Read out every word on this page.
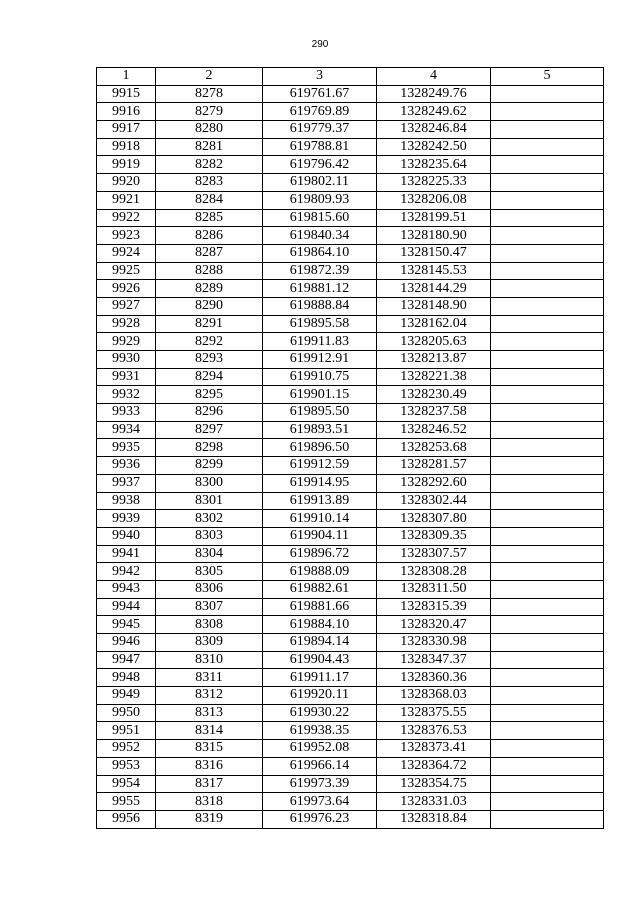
290
1	2	3	4	5
9915	8278	619761.67	1328249.76	
9916	8279	619769.89	1328249.62	
9917	8280	619779.37	1328246.84	
9918	8281	619788.81	1328242.50	
9919	8282	619796.42	1328235.64	
9920	8283	619802.11	1328225.33	
9921	8284	619809.93	1328206.08	
9922	8285	619815.60	1328199.51	
9923	8286	619840.34	1328180.90	
9924	8287	619864.10	1328150.47	
9925	8288	619872.39	1328145.53	
9926	8289	619881.12	1328144.29	
9927	8290	619888.84	1328148.90	
9928	8291	619895.58	1328162.04	
9929	8292	619911.83	1328205.63	
9930	8293	619912.91	1328213.87	
9931	8294	619910.75	1328221.38	
9932	8295	619901.15	1328230.49	
9933	8296	619895.50	1328237.58	
9934	8297	619893.51	1328246.52	
9935	8298	619896.50	1328253.68	
9936	8299	619912.59	1328281.57	
9937	8300	619914.95	1328292.60	
9938	8301	619913.89	1328302.44	
9939	8302	619910.14	1328307.80	
9940	8303	619904.11	1328309.35	
9941	8304	619896.72	1328307.57	
9942	8305	619888.09	1328308.28	
9943	8306	619882.61	1328311.50	
9944	8307	619881.66	1328315.39	
9945	8308	619884.10	1328320.47	
9946	8309	619894.14	1328330.98	
9947	8310	619904.43	1328347.37	
9948	8311	619911.17	1328360.36	
9949	8312	619920.11	1328368.03	
9950	8313	619930.22	1328375.55	
9951	8314	619938.35	1328376.53	
9952	8315	619952.08	1328373.41	
9953	8316	619966.14	1328364.72	
9954	8317	619973.39	1328354.75	
9955	8318	619973.64	1328331.03	
9956	8319	619976.23	1328318.84	
